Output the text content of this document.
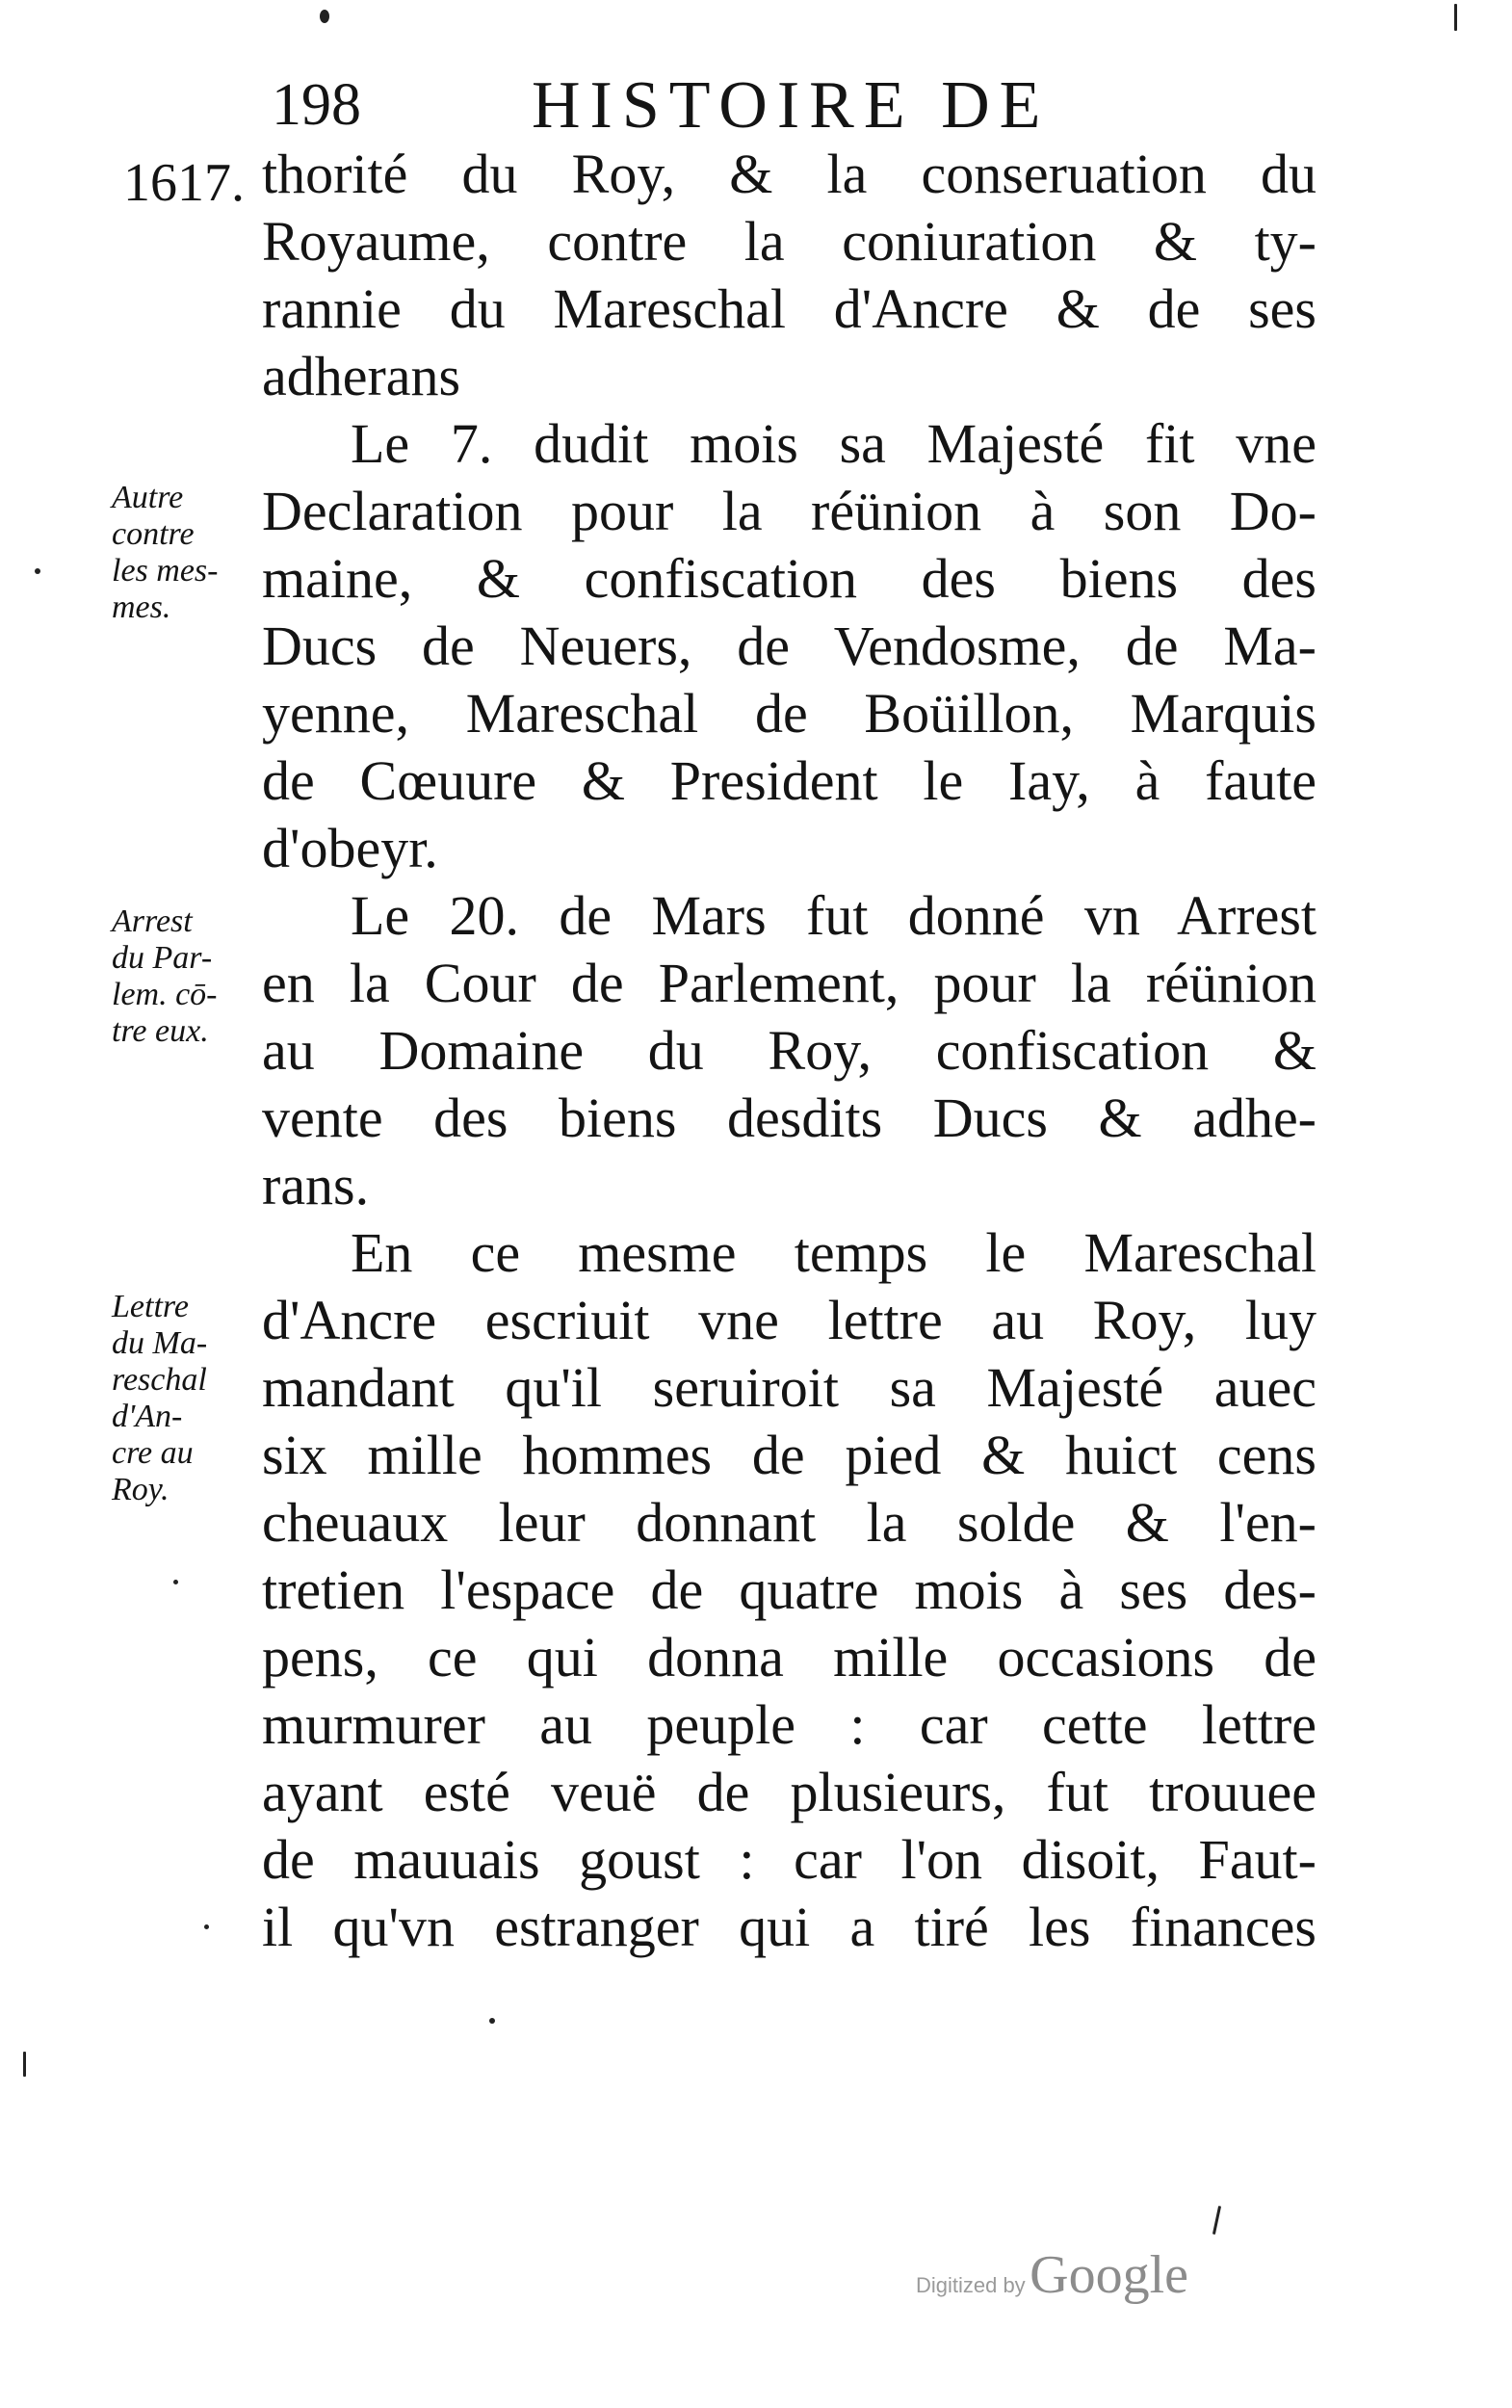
198	HISTOIRE DE
1617. thorité du Roy, & la conseruation du
Royaume, contre la coniuration & ty-
rannie du Mareschal d'Ancre & de ses
adherans
Le 7. dudit mois sa Majesté fit vne
Declaration pour la réünion à son Do-
maine, & confiscation des biens des
Ducs de Neuers, de Vendosme, de Ma-
yenne, Mareschal de Boüillon, Marquis
de Cœuure & President le Iay, à faute
d'obeyr.
Le 20. de Mars fut donné vn Arrest
en la Cour de Parlement, pour la réünion
au Domaine du Roy, confiscation &
vente des biens desdits Ducs & adhe-
rans.
En ce mesme temps le Mareschal
d'Ancre escriuit vne lettre au Roy, luy
mandant qu'il seruiroit sa Majesté auec
six mille hommes de pied & huict cens
cheuaux leur donnant la solde & l'en-
tretien l'espace de quatre mois à ses des-
pens, ce qui donna mille occasions de
murmurer au peuple : car cette lettre
ayant esté veuë de plusieurs, fut trouuee
de mauuais goust : car l'on disoit, Faut-
il qu'vn estranger qui a tiré les finances
Autre
contre
les mes-
mes.
Arrest
du Par-
lem. cō-
tre eux.
Lettre
du Ma-
reschal
d'An-
cre au
Roy.
Digitized by Google
